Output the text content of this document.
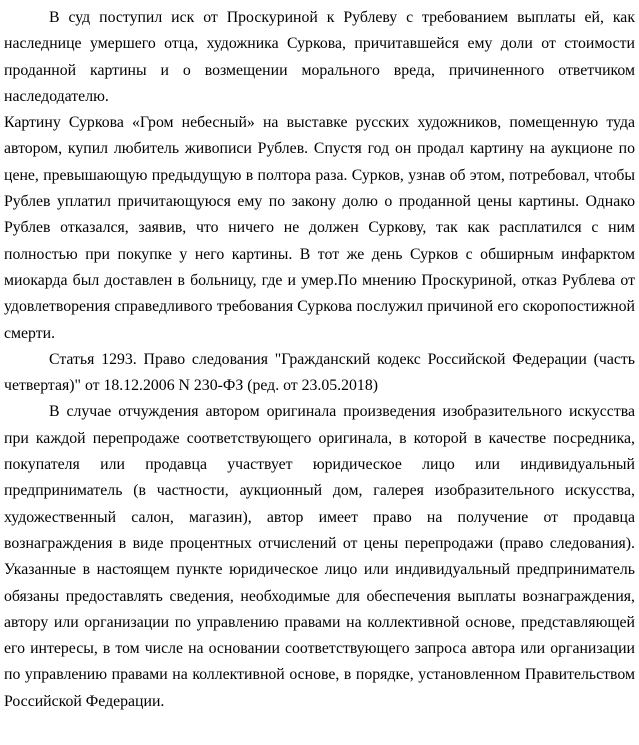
В суд поступил иск от Проскуриной к Рублеву с требованием выплаты ей, как наследнице умершего отца, художника Суркова, причитавшейся ему доли от стоимости проданной картины и о возмещении морального вреда, причиненного ответчиком наследодателю.

Картину Суркова «Гром небесный» на выставке русских художников, помещенную туда автором, купил любитель живописи Рублев. Спустя год он продал картину на аукционе по цене, превышающую предыдущую в полтора раза. Сурков, узнав об этом, потребовал, чтобы Рублев уплатил причитающуюся ему по закону долю о проданной цены картины. Однако Рублев отказался, заявив, что ничего не должен Суркову, так как расплатился с ним полностью при покупке у него картины. В тот же день Сурков с обширным инфарктом миокарда был доставлен в больницу, где и умер.По мнению Проскуриной, отказ Рублева от удовлетворения справедливого требования Суркова послужил причиной его скоропостижной смерти.

Статья 1293. Право следования "Гражданский кодекс Российской Федерации (часть четвертая)" от 18.12.2006 N 230-ФЗ (ред. от 23.05.2018)

В случае отчуждения автором оригинала произведения изобразительного искусства при каждой перепродаже соответствующего оригинала, в которой в качестве посредника, покупателя или продавца участвует юридическое лицо или индивидуальный предприниматель (в частности, аукционный дом, галерея изобразительного искусства, художественный салон, магазин), автор имеет право на получение от продавца вознаграждения в виде процентных отчислений от цены перепродажи (право следования). Указанные в настоящем пункте юридическое лицо или индивидуальный предприниматель обязаны предоставлять сведения, необходимые для обеспечения выплаты вознаграждения, автору или организации по управлению правами на коллективной основе, представляющей его интересы, в том числе на основании соответствующего запроса автора или организации по управлению правами на коллективной основе, в порядке, установленном Правительством Российской Федерации.
